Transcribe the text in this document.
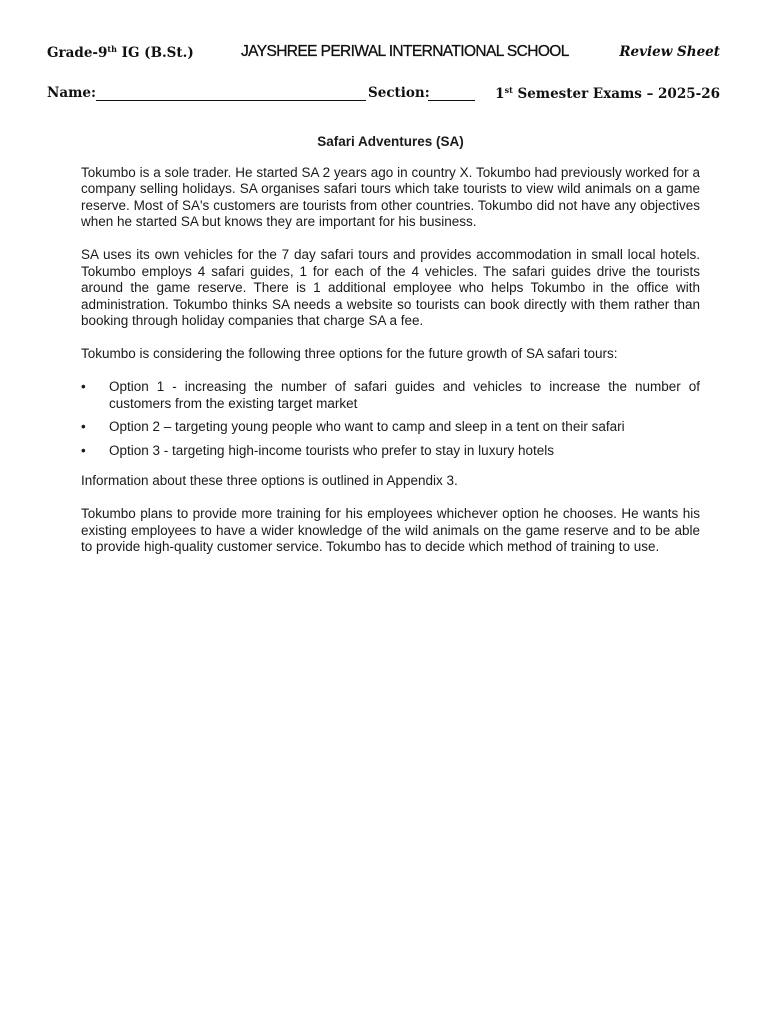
Grade-9th IG (B.St.)	JAYSHREE PERIWAL INTERNATIONAL SCHOOL	Review Sheet
Name:	Section:	1st Semester Exams – 2025-26
Safari Adventures (SA)

Tokumbo is a sole trader. He started SA 2 years ago in country X. Tokumbo had previously worked for a company selling holidays. SA organises safari tours which take tourists to view wild animals on a game reserve. Most of SA's customers are tourists from other countries. Tokumbo did not have any objectives when he started SA but knows they are important for his business.

SA uses its own vehicles for the 7 day safari tours and provides accommodation in small local hotels. Tokumbo employs 4 safari guides, 1 for each of the 4 vehicles. The safari guides drive the tourists around the game reserve. There is 1 additional employee who helps Tokumbo in the office with administration. Tokumbo thinks SA needs a website so tourists can book directly with them rather than booking through holiday companies that charge SA a fee.

Tokumbo is considering the following three options for the future growth of SA safari tours:

• Option 1 - increasing the number of safari guides and vehicles to increase the number of customers from the existing target market
• Option 2 – targeting young people who want to camp and sleep in a tent on their safari
• Option 3 - targeting high-income tourists who prefer to stay in luxury hotels

Information about these three options is outlined in Appendix 3.

Tokumbo plans to provide more training for his employees whichever option he chooses. He wants his existing employees to have a wider knowledge of the wild animals on the game reserve and to be able to provide high-quality customer service. Tokumbo has to decide which method of training to use.
